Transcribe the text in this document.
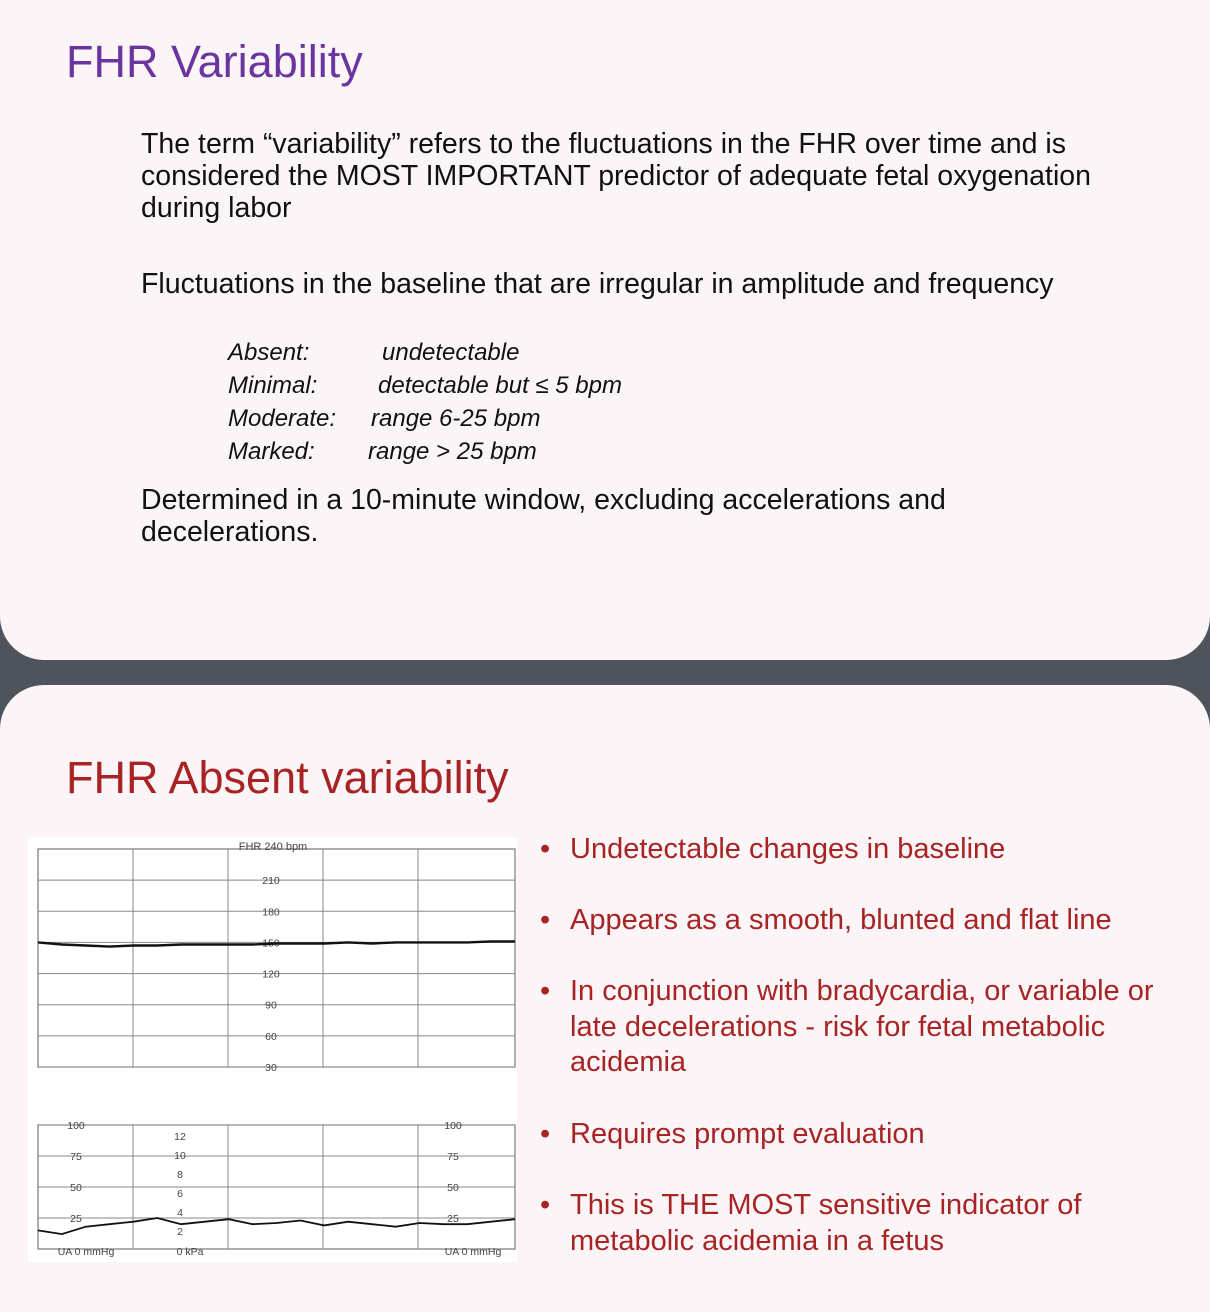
FHR Variability

The term “variability” refers to the fluctuations in the FHR over time and is considered the MOST IMPORTANT predictor of adequate fetal oxygenation during labor

Fluctuations in the baseline that are irregular in amplitude and frequency

Absent:	undetectable
Minimal:	detectable but ≤ 5 bpm
Moderate: range 6-25 bpm
Marked: range > 25 bpm

Determined in a 10-minute window, excluding accelerations and decelerations.

FHR Absent variability
210
180
150
120
90
60
30
FHR 240 bpm
100
75
50
25
100
75
50
25
12
10
8
6
4
2
UA 0 mmHg	0 kPa	UA 0 mmHg
• Undetectable changes in baseline
• Appears as a smooth, blunted and flat line
• In conjunction with bradycardia, or variable or late decelerations - risk for fetal metabolic acidemia
• Requires prompt evaluation
• This is THE MOST sensitive indicator of metabolic acidemia in a fetus
